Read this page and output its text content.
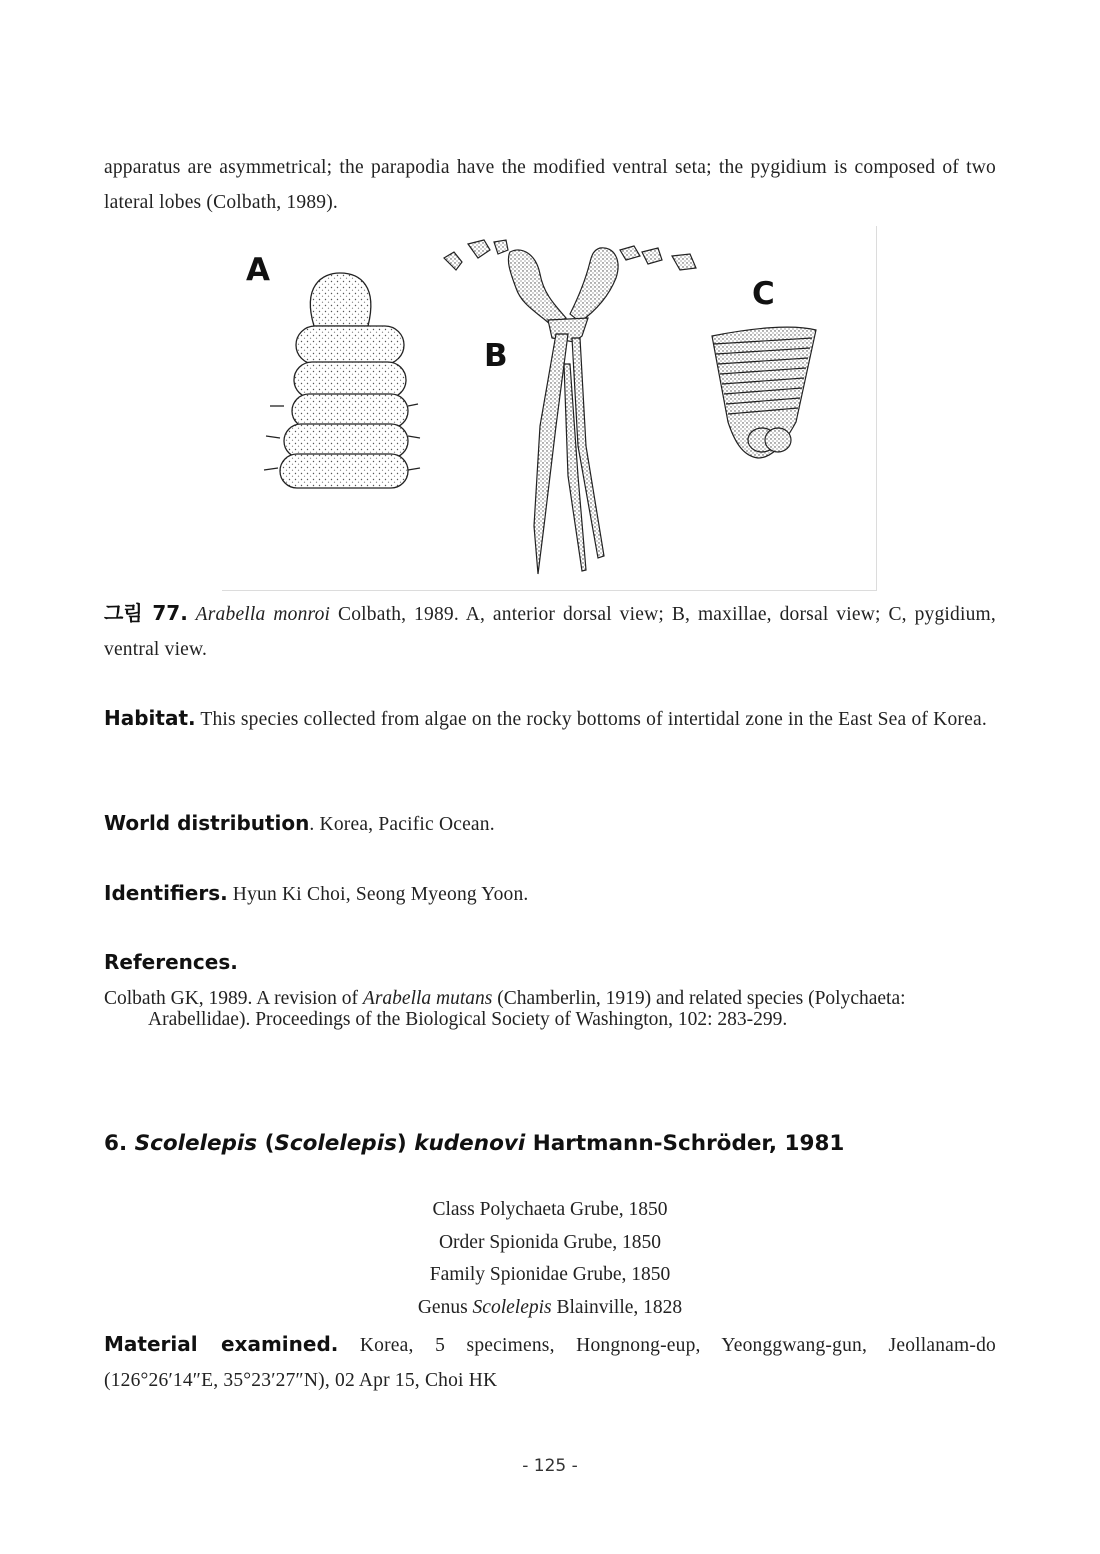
apparatus are asymmetrical; the parapodia have the modified ventral seta; the pygidium is composed of two lateral lobes (Colbath, 1989).

A
B
C

그림 77. Arabella monroi Colbath, 1989. A, anterior dorsal view; B, maxillae, dorsal view; C, pygidium, ventral view.

Habitat. This species collected from algae on the rocky bottoms of intertidal zone in the East Sea of Korea.

World distribution. Korea, Pacific Ocean.

Identifiers. Hyun Ki Choi, Seong Myeong Yoon.

References.

Colbath GK, 1989. A revision of Arabella mutans (Chamberlin, 1919) and related species (Polychaeta: Arabellidae). Proceedings of the Biological Society of Washington, 102: 283-299.

6. Scolelepis (Scolelepis) kudenovi Hartmann-Schröder, 1981

Class Polychaeta Grube, 1850

Order Spionida Grube, 1850

Family Spionidae Grube, 1850

Genus Scolelepis Blainville, 1828

Material examined. Korea, 5 specimens, Hongnong-eup, Yeonggwang-gun, Jeollanam-do (126°26′14″E, 35°23′27″N), 02 Apr 15, Choi HK

- 125 -
